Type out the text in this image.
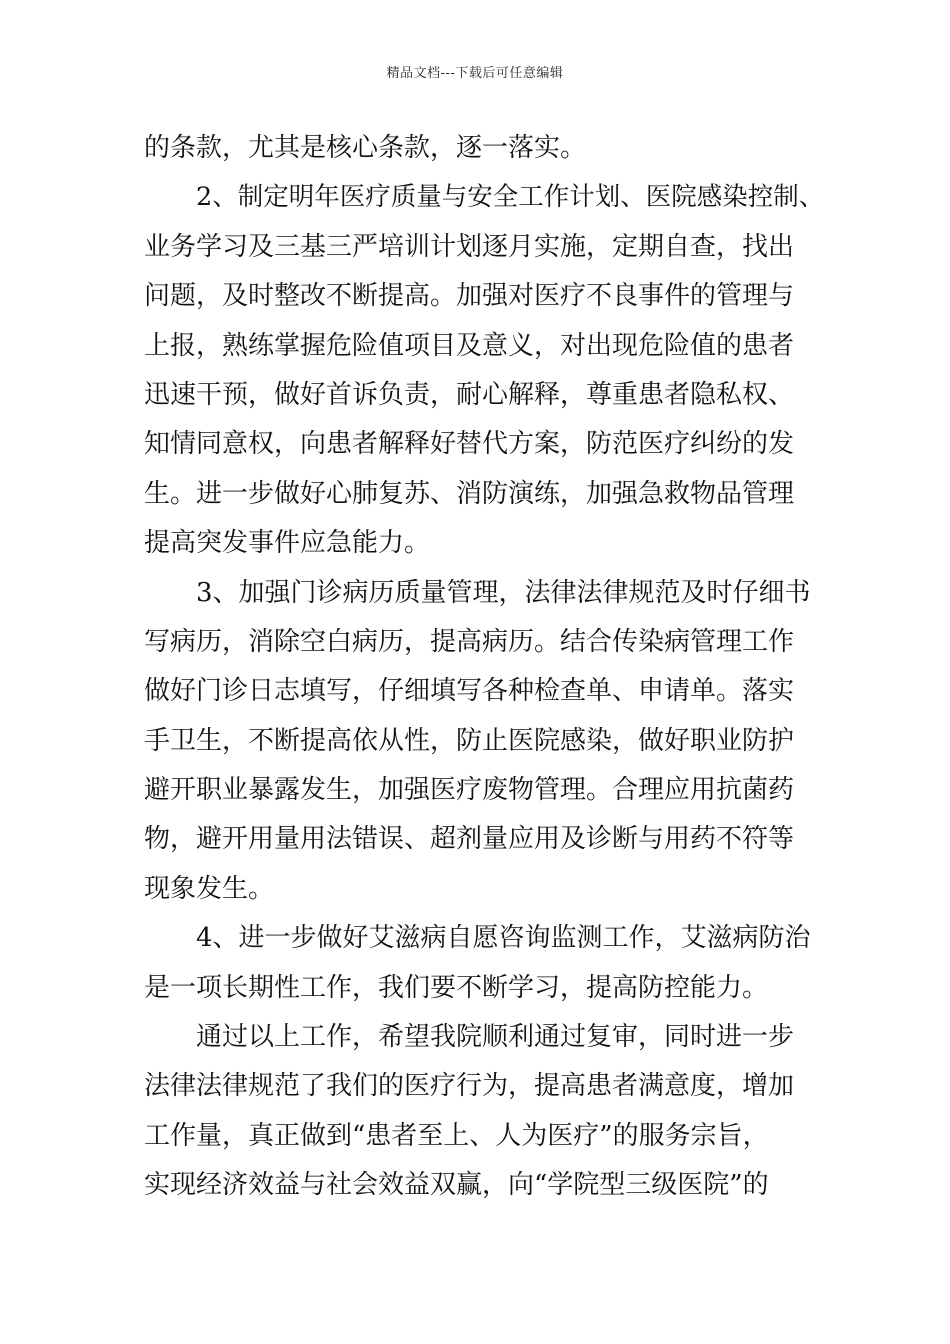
精品文档---下载后可任意编辑
的条款，尤其是核心条款，逐一落实。
2、制定明年医疗质量与安全工作计划、医院感染控制、
业务学习及三基三严培训计划逐月实施，定期自查，找出
问题，及时整改不断提高。加强对医疗不良事件的管理与
上报，熟练掌握危险值项目及意义，对出现危险值的患者
迅速干预，做好首诉负责，耐心解释，尊重患者隐私权、
知情同意权，向患者解释好替代方案，防范医疗纠纷的发
生。进一步做好心肺复苏、消防演练，加强急救物品管理
提高突发事件应急能力。
3、加强门诊病历质量管理，法律法律规范及时仔细书
写病历，消除空白病历，提高病历。结合传染病管理工作
做好门诊日志填写，仔细填写各种检查单、申请单。落实
手卫生，不断提高依从性，防止医院感染，做好职业防护
避开职业暴露发生，加强医疗废物管理。合理应用抗菌药
物，避开用量用法错误、超剂量应用及诊断与用药不符等
现象发生。
4、进一步做好艾滋病自愿咨询监测工作，艾滋病防治
是一项长期性工作，我们要不断学习，提高防控能力。
通过以上工作，希望我院顺利通过复审，同时进一步
法律法律规范了我们的医疗行为，提高患者满意度，增加
工作量，真正做到“患者至上、人为医疗”的服务宗旨，
实现经济效益与社会效益双赢，向“学院型三级医院”的
